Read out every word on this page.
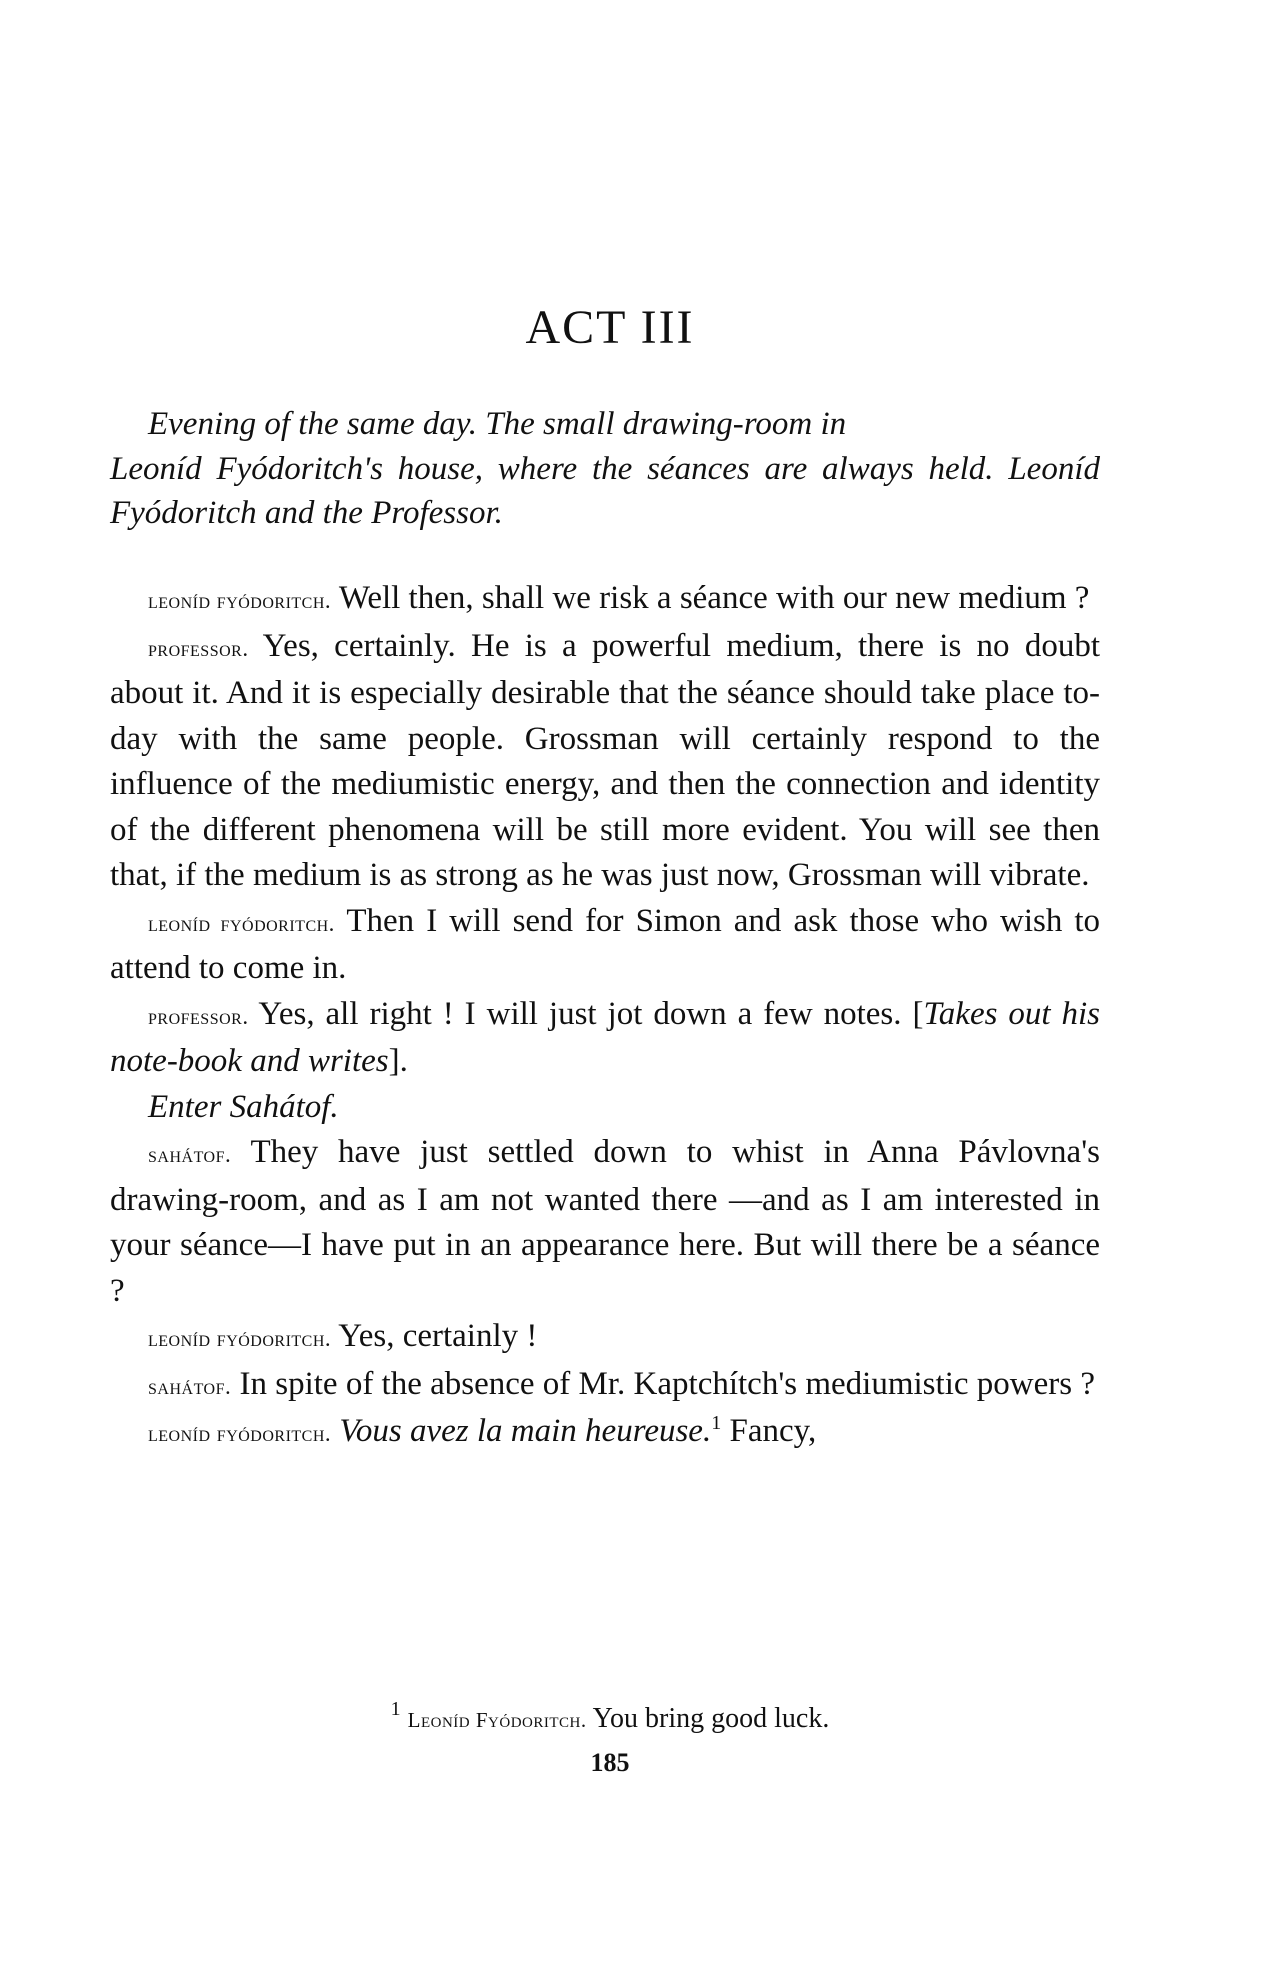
ACT III

Evening of the same day. The small drawing-room in
Leoníd Fyódoritch's house, where the séances are always held. Leoníd Fyódoritch and the Professor.

leoníd fyódoritch. Well then, shall we risk a séance with our new medium ?

professor. Yes, certainly. He is a powerful medium, there is no doubt about it. And it is especially desirable that the séance should take place to-day with the same people. Grossman will certainly respond to the influence of the mediumistic energy, and then the connection and identity of the different phenomena will be still more evident. You will see then that, if the medium is as strong as he was just now, Grossman will vibrate.

leoníd fyódoritch. Then I will send for Simon and ask those who wish to attend to come in.

professor. Yes, all right ! I will just jot down a few notes. [Takes out his note-book and writes].

Enter Sahátof.

sahátof. They have just settled down to whist in Anna Pávlovna's drawing-room, and as I am not wanted there —and as I am interested in your séance—I have put in an appearance here. But will there be a séance ?

leoníd fyódoritch. Yes, certainly !

sahátof. In spite of the absence of Mr. Kaptchítch's mediumistic powers ?

leoníd fyódoritch. Vous avez la main heureuse.$^1$ Fancy,

$^1$ Leoníd Fyódoritch. You bring good luck.

185
